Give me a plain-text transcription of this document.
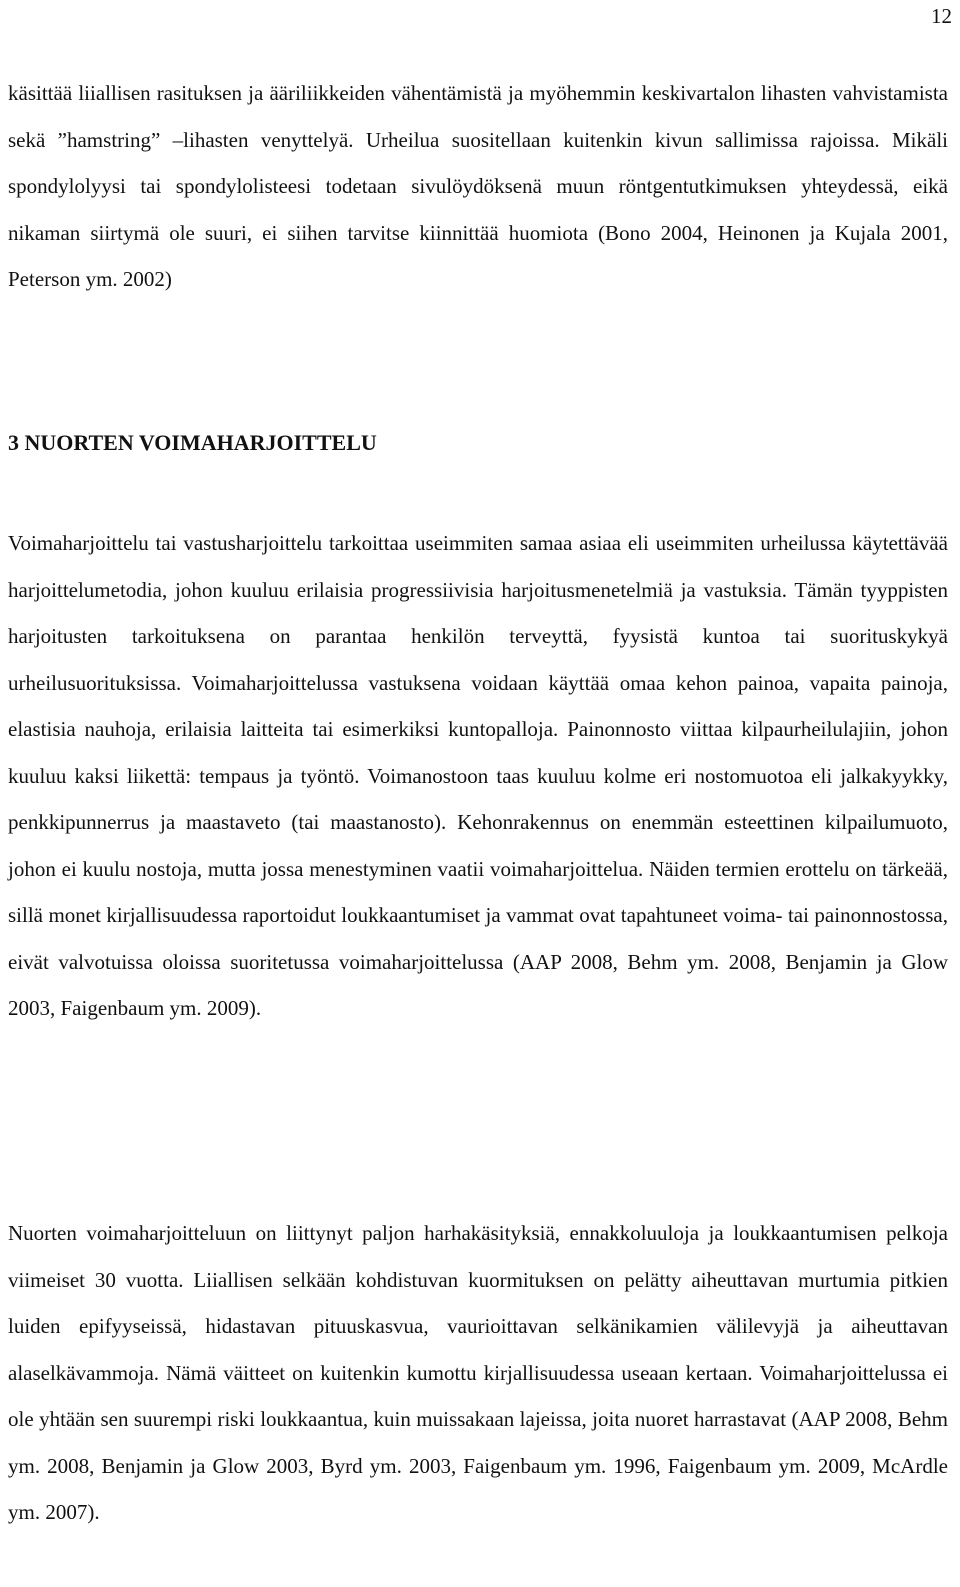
12

käsittää liiallisen rasituksen ja ääriliikkeiden vähentämistä ja myöhemmin keskivartalon lihasten vahvistamista sekä ”hamstring” –lihasten venyttelyä. Urheilua suositellaan kuitenkin kivun sallimissa rajoissa. Mikäli spondylolyysi tai spondylolisteesi todetaan sivulöydöksenä muun röntgentutkimuksen yhteydessä, eikä nikaman siirtymä ole suuri, ei siihen tarvitse kiinnittää huomiota (Bono 2004, Heinonen ja Kujala 2001, Peterson ym. 2002)

3 NUORTEN VOIMAHARJOITTELU

Voimaharjoittelu tai vastusharjoittelu tarkoittaa useimmiten samaa asiaa eli useimmiten urheilussa käytettävää harjoittelumetodia, johon kuuluu erilaisia progressiivisia harjoitusmenetelmiä ja vastuksia. Tämän tyyppisten harjoitusten tarkoituksena on parantaa henkilön terveyttä, fyysistä kuntoa tai suorituskykyä urheilusuorituksissa. Voimaharjoittelussa vastuksena voidaan käyttää omaa kehon painoa, vapaita painoja, elastisia nauhoja, erilaisia laitteita tai esimerkiksi kuntopalloja. Painonnosto viittaa kilpaurheilulajiin, johon kuuluu kaksi liikettä: tempaus ja työntö. Voimanostoon taas kuuluu kolme eri nostomuotoa eli jalkakyykky, penkkipunnerrus ja maastaveto (tai maastanosto). Kehonrakennus on enemmän esteettinen kilpailumuoto, johon ei kuulu nostoja, mutta jossa menestyminen vaatii voimaharjoittelua. Näiden termien erottelu on tärkeää, sillä monet kirjallisuudessa raportoidut loukkaantumiset ja vammat ovat tapahtuneet voima- tai painonnostossa, eivät valvotuissa oloissa suoritetussa voimaharjoittelussa (AAP 2008, Behm ym. 2008, Benjamin ja Glow 2003, Faigenbaum ym. 2009).

Nuorten voimaharjoitteluun on liittynyt paljon harhakäsityksiä, ennakkoluuloja ja loukkaantumisen pelkoja viimeiset 30 vuotta. Liiallisen selkään kohdistuvan kuormituksen on pelätty aiheuttavan murtumia pitkien luiden epifyyseissä, hidastavan pituuskasvua, vaurioittavan selkänikamien välilevyjä ja aiheuttavan alaselkävammoja. Nämä väitteet on kuitenkin kumottu kirjallisuudessa useaan kertaan. Voimaharjoittelussa ei ole yhtään sen suurempi riski loukkaantua, kuin muissakaan lajeissa, joita nuoret harrastavat (AAP 2008, Behm ym. 2008, Benjamin ja Glow 2003, Byrd ym. 2003, Faigenbaum ym. 1996, Faigenbaum ym. 2009, McArdle ym. 2007).
